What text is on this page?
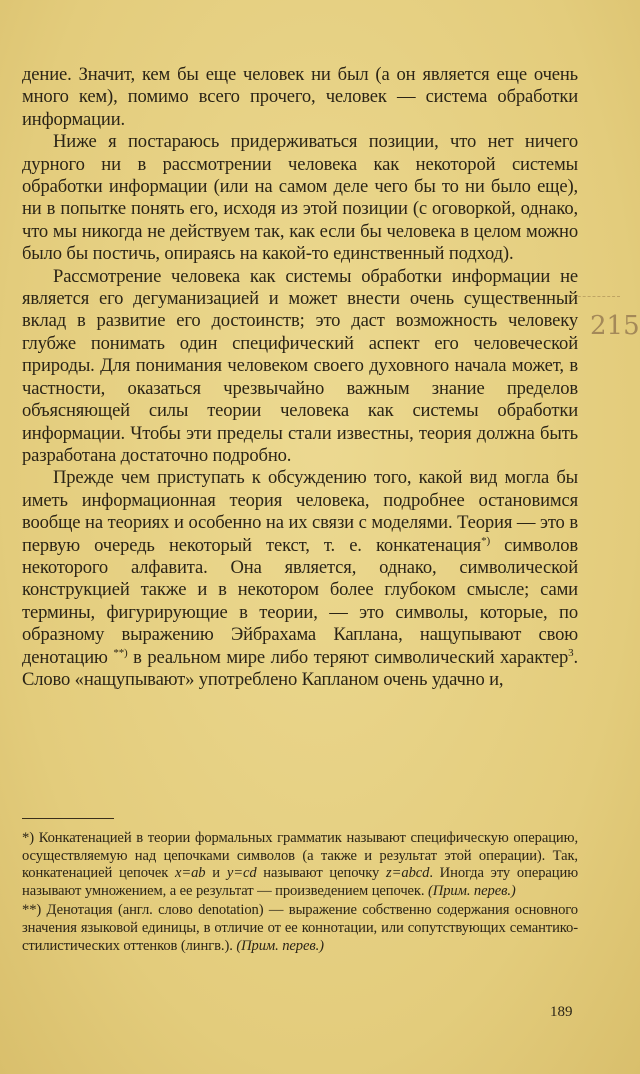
дение. Значит, кем бы еще человек ни был (а он является еще очень много кем), помимо всего прочего, человек — система обработки информации.

Ниже я постараюсь придерживаться позиции, что нет ничего дурного ни в рассмотрении человека как некоторой системы обработки информации (или на самом деле чего бы то ни было еще), ни в попытке понять его, исходя из этой позиции (с оговоркой, однако, что мы никогда не действуем так, как если бы человека в целом можно было бы постичь, опираясь на какой-то единственный подход).

Рассмотрение человека как системы обработки информации не является его дегуманизацией и может внести очень существенный вклад в развитие его достоинств; это даст возможность человеку глубже понимать один специфический аспект его человеческой природы. Для понимания человеком своего духовного начала может, в частности, оказаться чрезвычайно важным знание пределов объясняющей силы теории человека как системы обработки информации. Чтобы эти пределы стали известны, теория должна быть разработана достаточно подробно.

Прежде чем приступать к обсуждению того, какой вид могла бы иметь информационная теория человека, подробнее остановимся вообще на теориях и особенно на их связи с моделями. Теория — это в первую очередь некоторый текст, т. е. конкатенация*) символов некоторого алфавита. Она является, однако, символической конструкцией также и в некотором более глубоком смысле; сами термины, фигурирующие в теории, — это символы, которые, по образному выражению Эйбрахама Каплана, нащупывают свою денотацию **) в реальном мире либо теряют символический характер$^3$. Слово «нащупывают» употреблено Капланом очень удачно и,

*) Конкатенацией в теории формальных грамматик называют специфическую операцию, осуществляемую над цепочками символов (а также и результат этой операции). Так, конкатенацией цепочек x=ab и y=cd называют цепочку z=abcd. Иногда эту операцию называют умножением, а ее результат — произведением цепочек. (Прим. перев.)

**) Денотация (англ. слово denotation) — выражение собственно содержания основного значения языковой единицы, в отличие от ее коннотации, или сопутствующих семантико-стилистических оттенков (лингв.). (Прим. перев.)

189
215
